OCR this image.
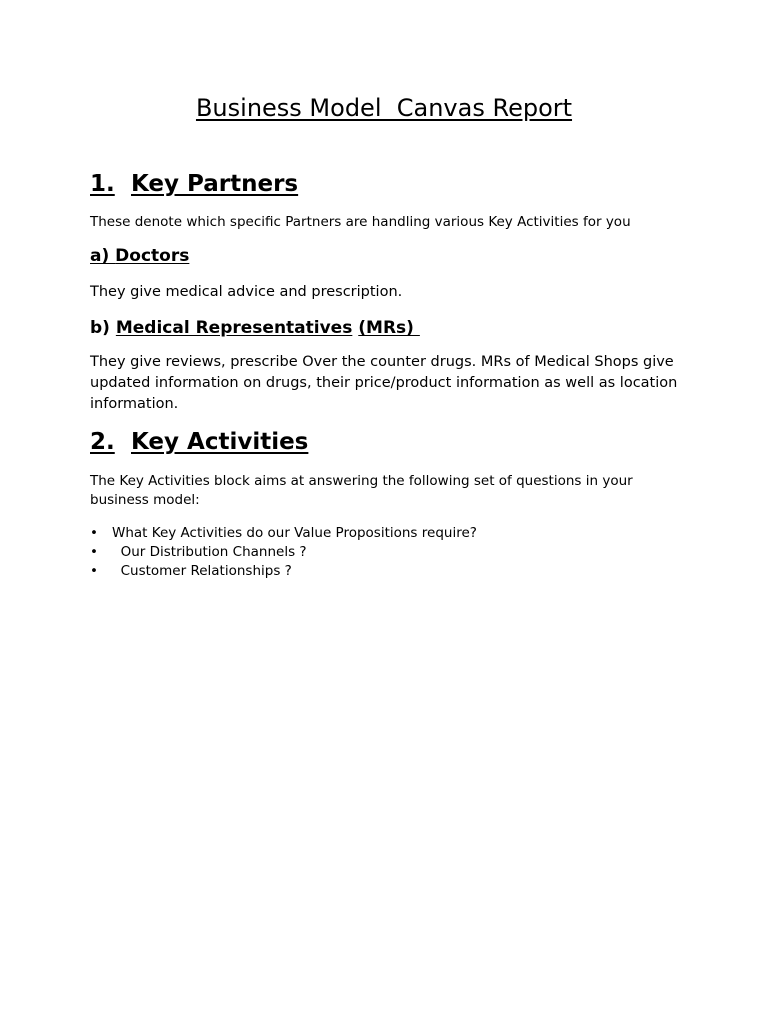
Business Model  Canvas Report
1. Key Partners
These denote which specific Partners are handling various Key Activities for you
a) Doctors
They give medical advice and prescription.
b) Medical Representatives (MRs)
They give reviews, prescribe Over the counter drugs. MRs of Medical Shops give updated information on drugs, their price/product information as well as location information.
2. Key Activities
The Key Activities block aims at answering the following set of questions in your business model:
• What Key Activities do our Value Propositions require?
•  Our Distribution Channels ?
•  Customer Relationships ?
